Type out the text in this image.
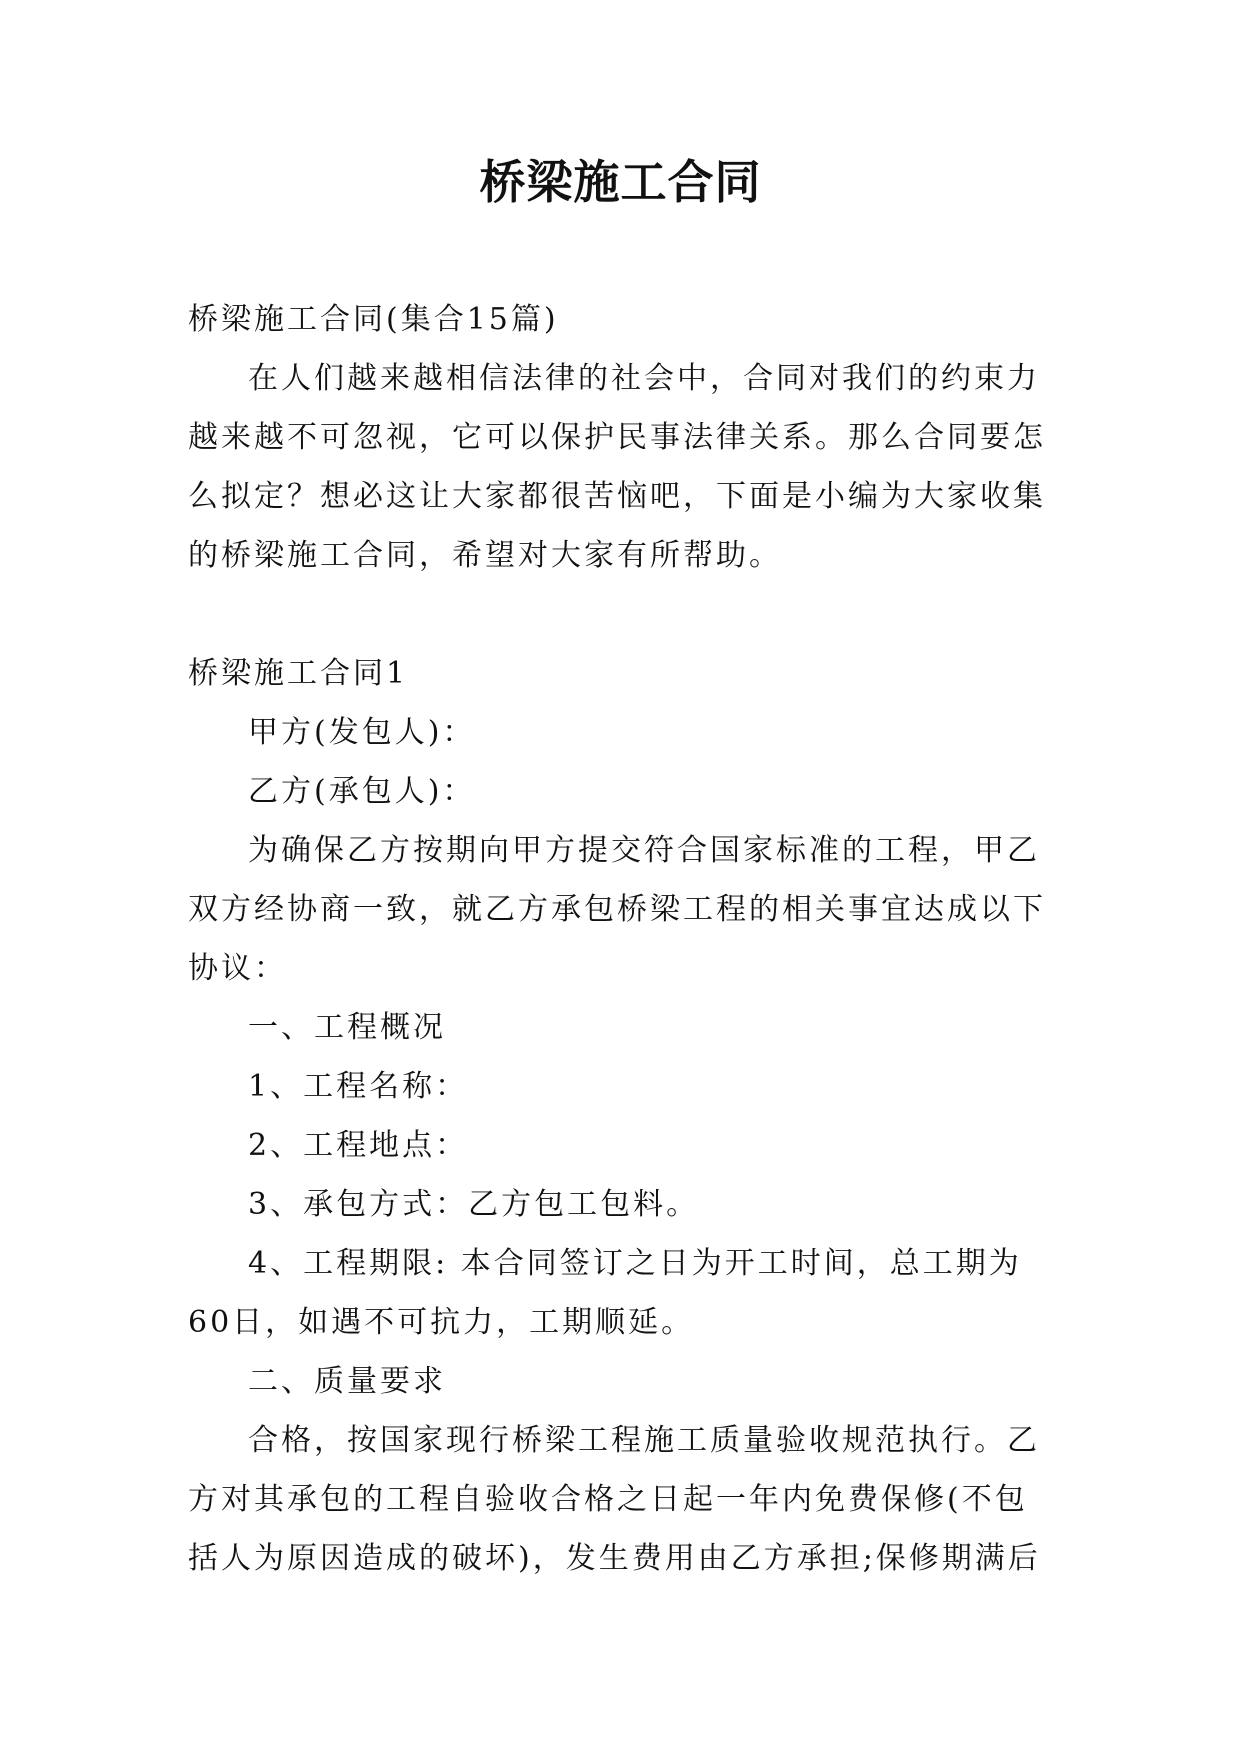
桥梁施工合同

桥梁施工合同(集合15篇)

在人们越来越相信法律的社会中，合同对我们的约束力越来越不可忽视，它可以保护民事法律关系。那么合同要怎么拟定？想必这让大家都很苦恼吧，下面是小编为大家收集的桥梁施工合同，希望对大家有所帮助。

桥梁施工合同1

甲方(发包人)：

乙方(承包人)：

为确保乙方按期向甲方提交符合国家标准的工程，甲乙双方经协商一致，就乙方承包桥梁工程的相关事宜达成以下协议：

一、工程概况

1、工程名称：

2、工程地点：

3、承包方式：乙方包工包料。

4、工程期限: 本合同签订之日为开工时间，总工期为60日，如遇不可抗力，工期顺延。

二、质量要求

合格，按国家现行桥梁工程施工质量验收规范执行。乙方对其承包的工程自验收合格之日起一年内免费保修(不包括人为原因造成的破坏)，发生费用由乙方承担;保修期满后
